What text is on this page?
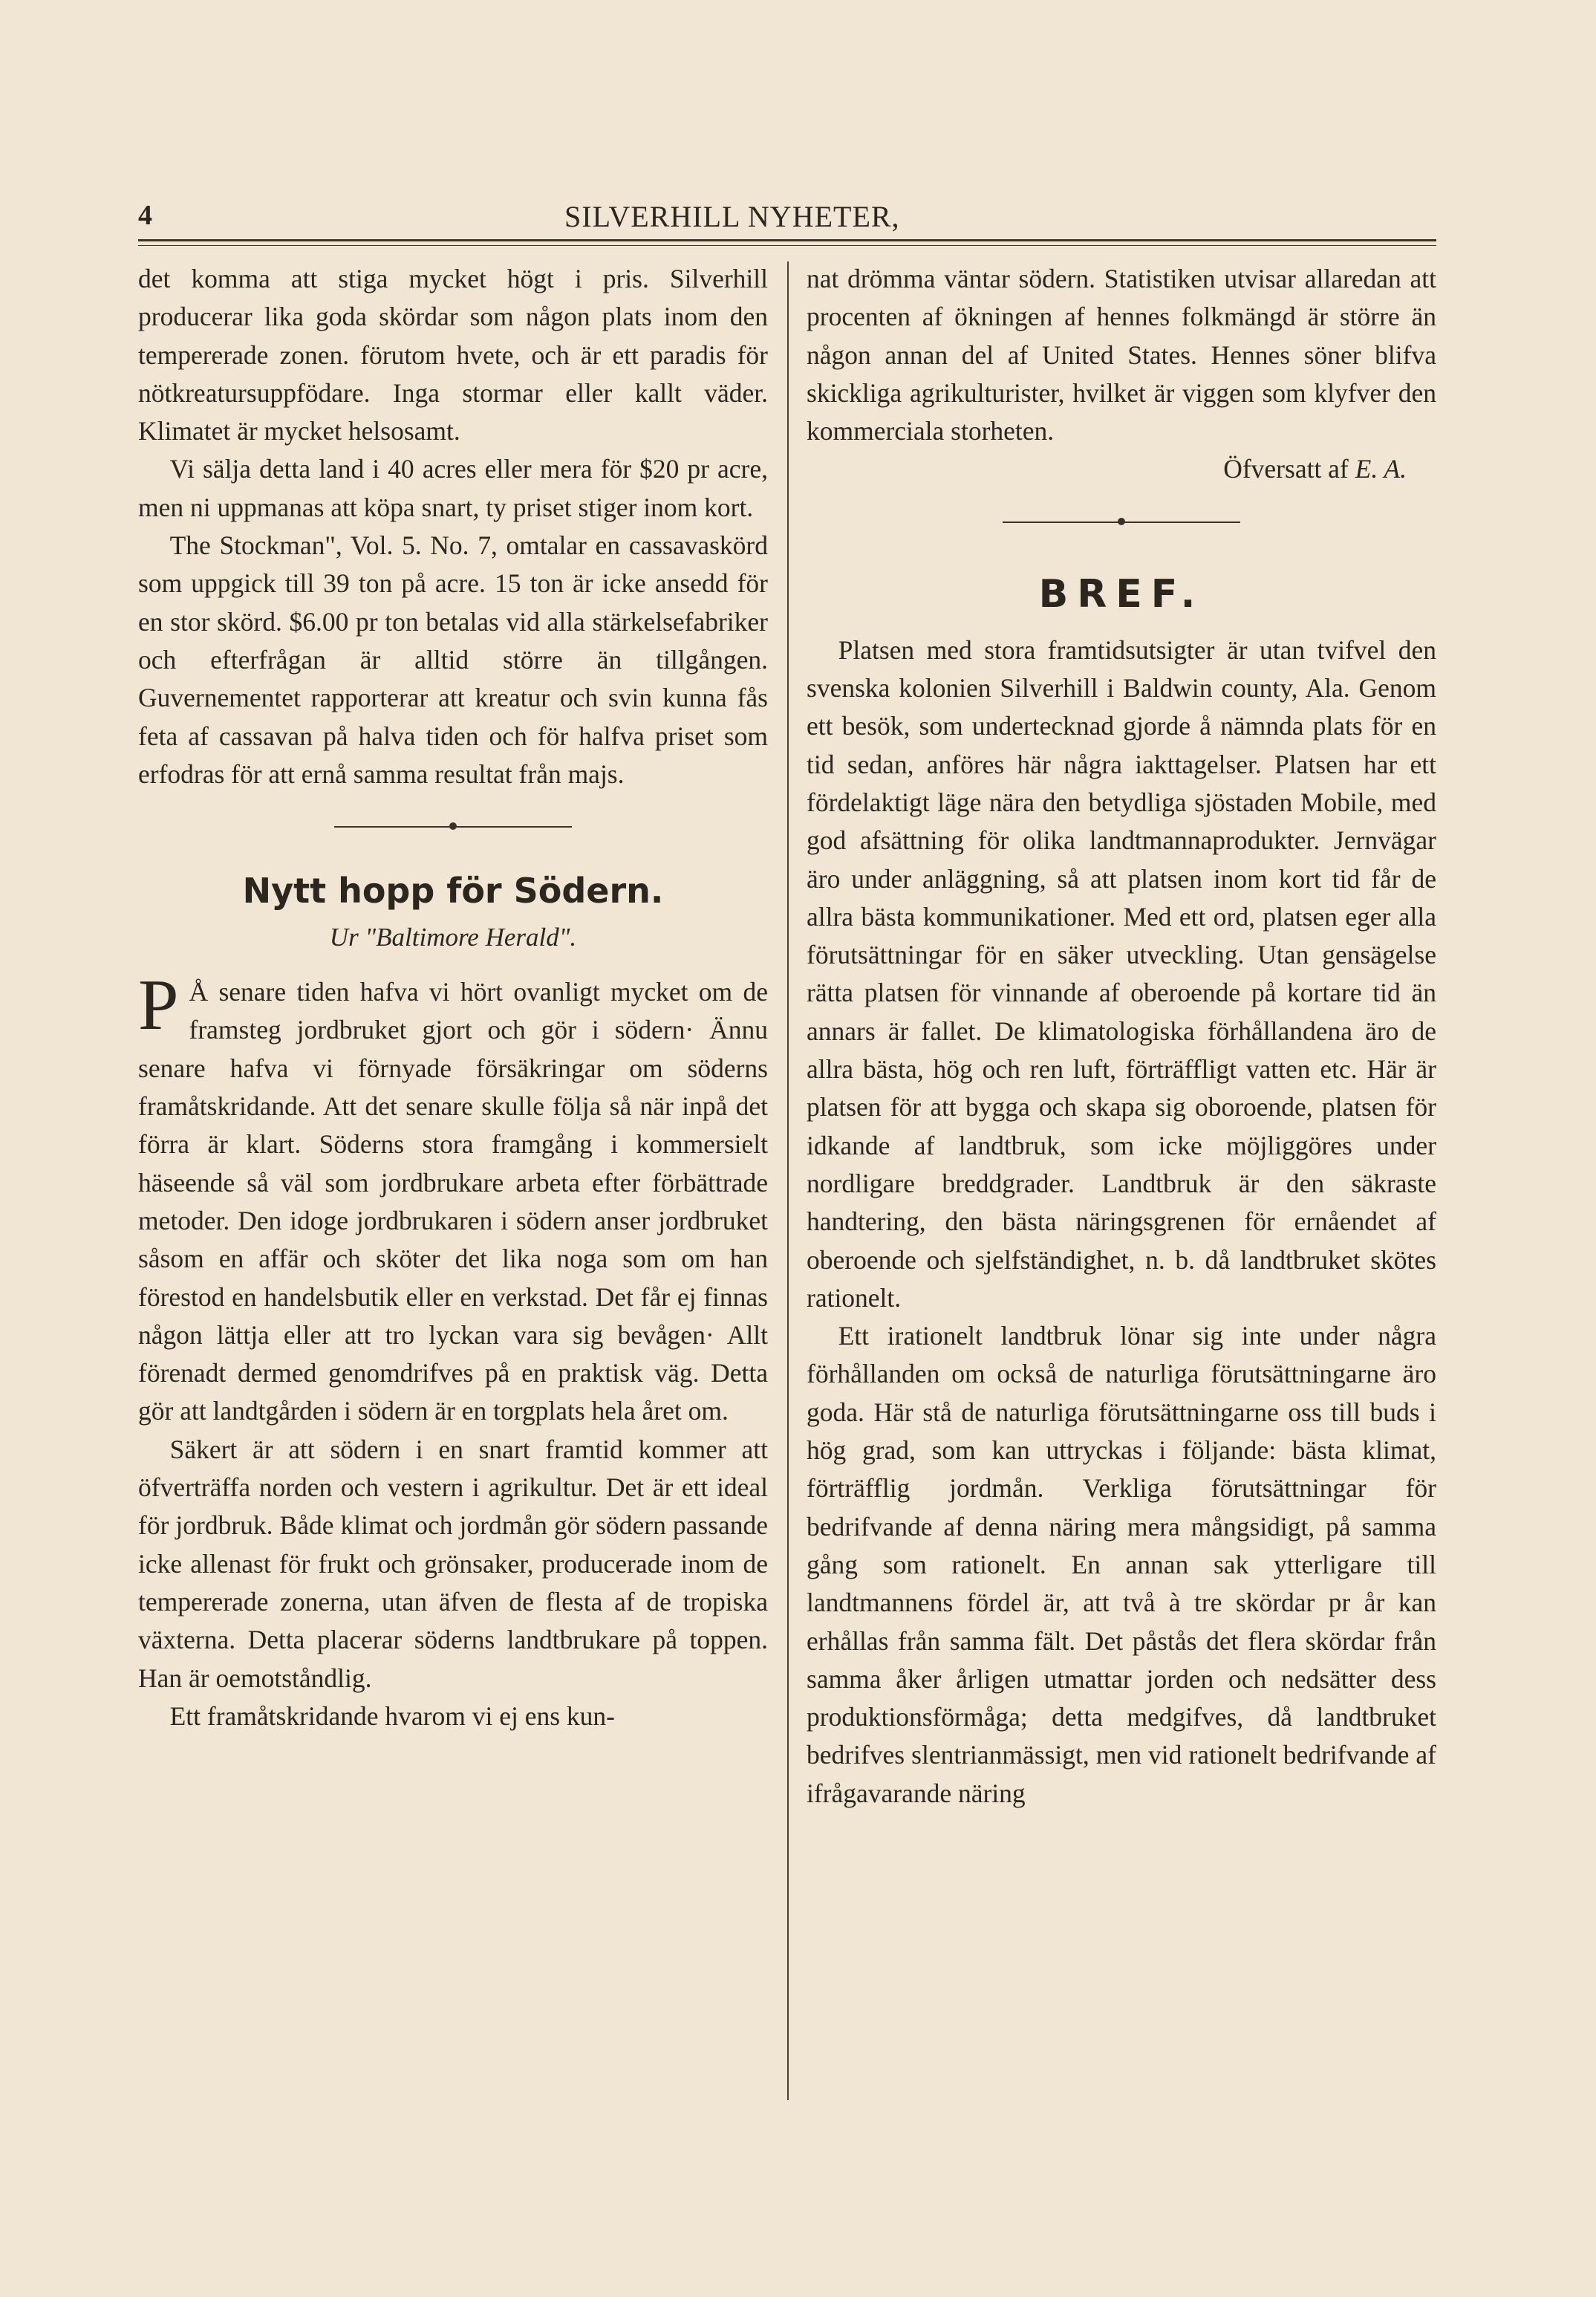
4	SILVERHILL NYHETER,

det komma att stiga mycket högt i pris. Silverhill producerar lika goda skördar som någon plats inom den tempererade zonen. förutom hvete, och är ett paradis för nötkreatursuppfödare. Inga stormar eller kallt väder. Klimatet är mycket helsosamt.

Vi sälja detta land i 40 acres eller mera för $20 pr acre, men ni uppmanas att köpa snart, ty priset stiger inom kort.

The Stockman", Vol. 5. No. 7, omtalar en cassavaskörd som uppgick till 39 ton på acre. 15 ton är icke ansedd för en stor skörd. $6.00 pr ton betalas vid alla stärkelsefabriker och efterfrågan är alltid större än tillgången. Guvernementet rapporterar att kreatur och svin kunna fås feta af cassavan på halva tiden och för halfva priset som erfodras för att ernå samma resultat från majs.

Nytt hopp för Södern.
Ur "Baltimore Herald".

P Å senare tiden hafva vi hört ovanligt mycket om de framsteg jordbruket gjort och gör i södern· Ännu senare hafva vi förnyade försäkringar om söderns framåtskridande. Att det senare skulle följa så när inpå det förra är klart. Söderns stora framgång i kommersielt häseende så väl som jordbrukare arbeta efter förbättrade metoder. Den idoge jordbrukaren i södern anser jordbruket såsom en affär och sköter det lika noga som om han förestod en handelsbutik eller en verkstad. Det får ej finnas någon lättja eller att tro lyckan vara sig bevågen· Allt förenadt dermed genomdrifves på en praktisk väg. Detta gör att landtgården i södern är en torgplats hela året om.

Säkert är att södern i en snart framtid kommer att öfverträffa norden och vestern i agrikultur. Det är ett ideal för jordbruk. Både klimat och jordmån gör södern passande icke allenast för frukt och grönsaker, producerade inom de tempererade zonerna, utan äfven de flesta af de tropiska växterna. Detta placerar söderns landtbrukare på toppen. Han är oemotståndlig.

Ett framåtskridande hvarom vi ej ens kun-

nat drömma väntar södern. Statistiken utvisar allaredan att procenten af ökningen af hennes folkmängd är större än någon annan del af United States. Hennes söner blifva skickliga agrikulturister, hvilket är viggen som klyfver den kommerciala storheten.

Öfversatt af E. A.
BREF.

Platsen med stora framtidsutsigter är utan tvifvel den svenska kolonien Silverhill i Baldwin county, Ala. Genom ett besök, som undertecknad gjorde å nämnda plats för en tid sedan, anföres här några iakttagelser. Platsen har ett fördelaktigt läge nära den betydliga sjöstaden Mobile, med god afsättning för olika landtmannaprodukter. Jernvägar äro under anläggning, så att platsen inom kort tid får de allra bästa kommunikationer. Med ett ord, platsen eger alla förutsättningar för en säker utveckling. Utan gensägelse rätta platsen för vinnande af oberoende på kortare tid än annars är fallet. De klimatologiska förhållandena äro de allra bästa, hög och ren luft, förträffligt vatten etc. Här är platsen för att bygga och skapa sig oboroende, platsen för idkande af landtbruk, som icke möjliggöres under nordligare breddgrader. Landtbruk är den säkraste handtering, den bästa näringsgrenen för ernåendet af oberoende och sjelfständighet, n. b. då landtbruket skötes rationelt.

Ett irationelt landtbruk lönar sig inte under några förhållanden om också de naturliga förutsättningarne äro goda. Här stå de naturliga förutsättningarne oss till buds i hög grad, som kan uttryckas i följande: bästa klimat, förträfflig jordmån. Verkliga förutsättningar för bedrifvande af denna näring mera mångsidigt, på samma gång som rationelt. En annan sak ytterligare till landtmannens fördel är, att två à tre skördar pr år kan erhållas från samma fält. Det påstås det flera skördar från samma åker årligen utmattar jorden och nedsätter dess produktionsförmåga; detta medgifves, då landtbruket bedrifves slentrianmässigt, men vid rationelt bedrifvande af ifrågavarande näring
